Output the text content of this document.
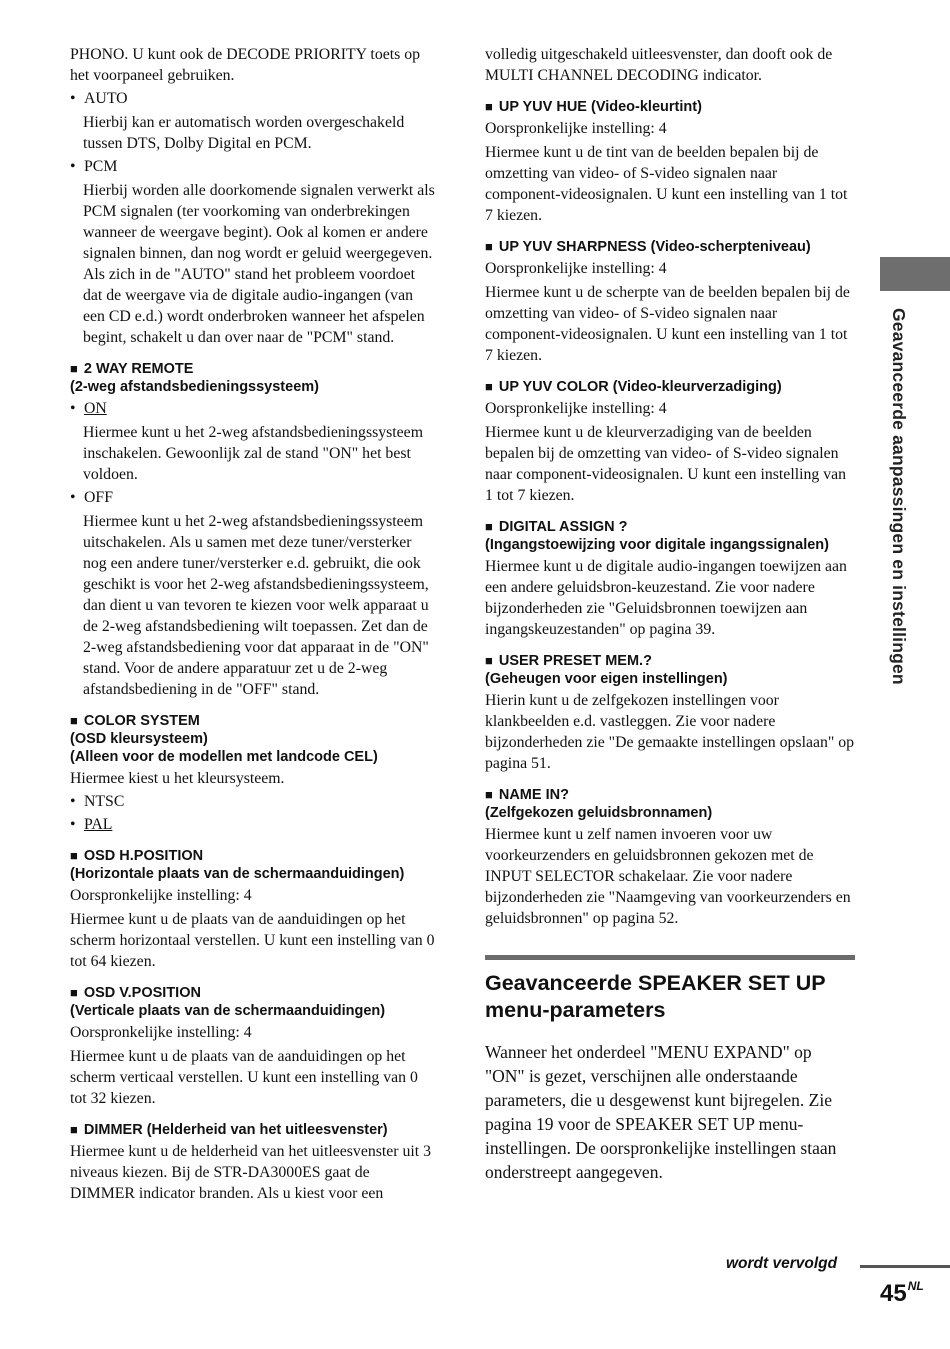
PHONO. U kunt ook de DECODE PRIORITY toets op het voorpaneel gebruiken.

• AUTO

Hierbij kan er automatisch worden overgeschakeld tussen DTS, Dolby Digital en PCM.

• PCM

Hierbij worden alle doorkomende signalen verwerkt als PCM signalen (ter voorkoming van onderbrekingen wanneer de weergave begint). Ook al komen er andere signalen binnen, dan nog wordt er geluid weergegeven. Als zich in de "AUTO" stand het probleem voordoet dat de weergave via de digitale audio-ingangen (van een CD e.d.) wordt onderbroken wanneer het afspelen begint, schakelt u dan over naar de "PCM" stand.

■ 2 WAY REMOTE
(2-weg afstandsbedieningssysteem)
• ON

Hiermee kunt u het 2-weg afstandsbedieningssysteem inschakelen. Gewoonlijk zal de stand "ON" het best voldoen.

• OFF

Hiermee kunt u het 2-weg afstandsbedieningssysteem uitschakelen. Als u samen met deze tuner/versterker nog een andere tuner/versterker e.d. gebruikt, die ook geschikt is voor het 2-weg afstandsbedieningssysteem, dan dient u van tevoren te kiezen voor welk apparaat u de 2-weg afstandsbediening wilt toepassen. Zet dan de 2-weg afstandsbediening voor dat apparaat in de "ON" stand. Voor de andere apparatuur zet u de 2-weg afstandsbediening in de "OFF" stand.

■ COLOR SYSTEM
(OSD kleursysteem)
(Alleen voor de modellen met landcode CEL)

Hiermee kiest u het kleursysteem.

• NTSC
• PAL
■ OSD H.POSITION
(Horizontale plaats van de schermaanduidingen)

Oorspronkelijke instelling: 4

Hiermee kunt u de plaats van de aanduidingen op het scherm horizontaal verstellen. U kunt een instelling van 0 tot 64 kiezen.

■ OSD V.POSITION
(Verticale plaats van de schermaanduidingen)

Oorspronkelijke instelling: 4

Hiermee kunt u de plaats van de aanduidingen op het scherm verticaal verstellen. U kunt een instelling van 0 tot 32 kiezen.

■ DIMMER (Helderheid van het uitleesvenster)

Hiermee kunt u de helderheid van het uitleesvenster uit 3 niveaus kiezen. Bij de STR-DA3000ES gaat de DIMMER indicator branden. Als u kiest voor een

volledig uitgeschakeld uitleesvenster, dan dooft ook de MULTI CHANNEL DECODING indicator.

■ UP YUV HUE (Video-kleurtint)

Oorspronkelijke instelling: 4

Hiermee kunt u de tint van de beelden bepalen bij de omzetting van video- of S-video signalen naar component-videosignalen. U kunt een instelling van 1 tot 7 kiezen.

■ UP YUV SHARPNESS (Video-scherpteniveau)

Oorspronkelijke instelling: 4

Hiermee kunt u de scherpte van de beelden bepalen bij de omzetting van video- of S-video signalen naar component-videosignalen. U kunt een instelling van 1 tot 7 kiezen.

■ UP YUV COLOR (Video-kleurverzadiging)

Oorspronkelijke instelling: 4

Hiermee kunt u de kleurverzadiging van de beelden bepalen bij de omzetting van video- of S-video signalen naar component-videosignalen. U kunt een instelling van 1 tot 7 kiezen.

■ DIGITAL ASSIGN ?
(Ingangstoewijzing voor digitale ingangssignalen)

Hiermee kunt u de digitale audio-ingangen toewijzen aan een andere geluidsbron-keuzestand. Zie voor nadere bijzonderheden zie "Geluidsbronnen toewijzen aan ingangskeuzestanden" op pagina 39.

■ USER PRESET MEM.?
(Geheugen voor eigen instellingen)

Hierin kunt u de zelfgekozen instellingen voor klankbeelden e.d. vastleggen. Zie voor nadere bijzonderheden zie "De gemaakte instellingen opslaan" op pagina 51.

■ NAME IN?
(Zelfgekozen geluidsbronnamen)

Hiermee kunt u zelf namen invoeren voor uw voorkeurzenders en geluidsbronnen gekozen met de INPUT SELECTOR schakelaar. Zie voor nadere bijzonderheden zie "Naamgeving van voorkeurzenders en geluidsbronnen" op pagina 52.

Geavanceerde SPEAKER SET UP menu-parameters

Wanneer het onderdeel "MENU EXPAND" op "ON" is gezet, verschijnen alle onderstaande parameters, die u desgewenst kunt bijregelen. Zie pagina 19 voor de SPEAKER SET UP menu-instellingen. De oorspronkelijke instellingen staan onderstreept aangegeven.

Geavanceerde aanpassingen en instellingen
wordt vervolgd
$45^{NL}$
